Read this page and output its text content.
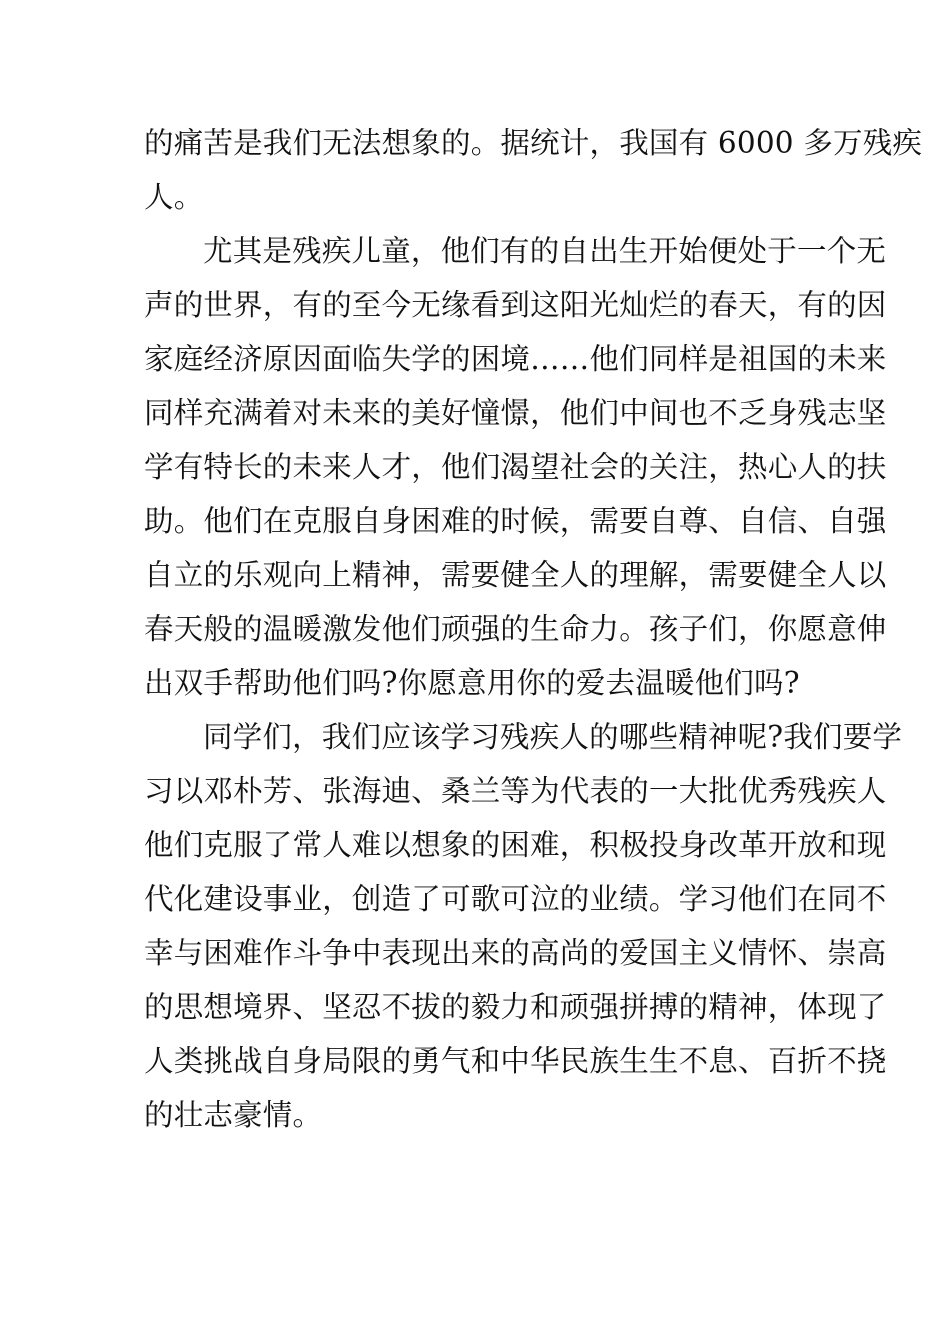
的痛苦是我们无法想象的。据统计，我国有 6000 多万残疾
人。
尤其是残疾儿童，他们有的自出生开始便处于一个无
声的世界，有的至今无缘看到这阳光灿烂的春天，有的因
家庭经济原因面临失学的困境……他们同样是祖国的未来
同样充满着对未来的美好憧憬，他们中间也不乏身残志坚
学有特长的未来人才，他们渴望社会的关注，热心人的扶
助。他们在克服自身困难的时候，需要自尊、自信、自强
自立的乐观向上精神，需要健全人的理解，需要健全人以
春天般的温暖激发他们顽强的生命力。孩子们，你愿意伸
出双手帮助他们吗?你愿意用你的爱去温暖他们吗?
同学们，我们应该学习残疾人的哪些精神呢?我们要学
习以邓朴芳、张海迪、桑兰等为代表的一大批优秀残疾人
他们克服了常人难以想象的困难，积极投身改革开放和现
代化建设事业，创造了可歌可泣的业绩。学习他们在同不
幸与困难作斗争中表现出来的高尚的爱国主义情怀、崇高
的思想境界、坚忍不拔的毅力和顽强拼搏的精神，体现了
人类挑战自身局限的勇气和中华民族生生不息、百折不挠
的壮志豪情。
